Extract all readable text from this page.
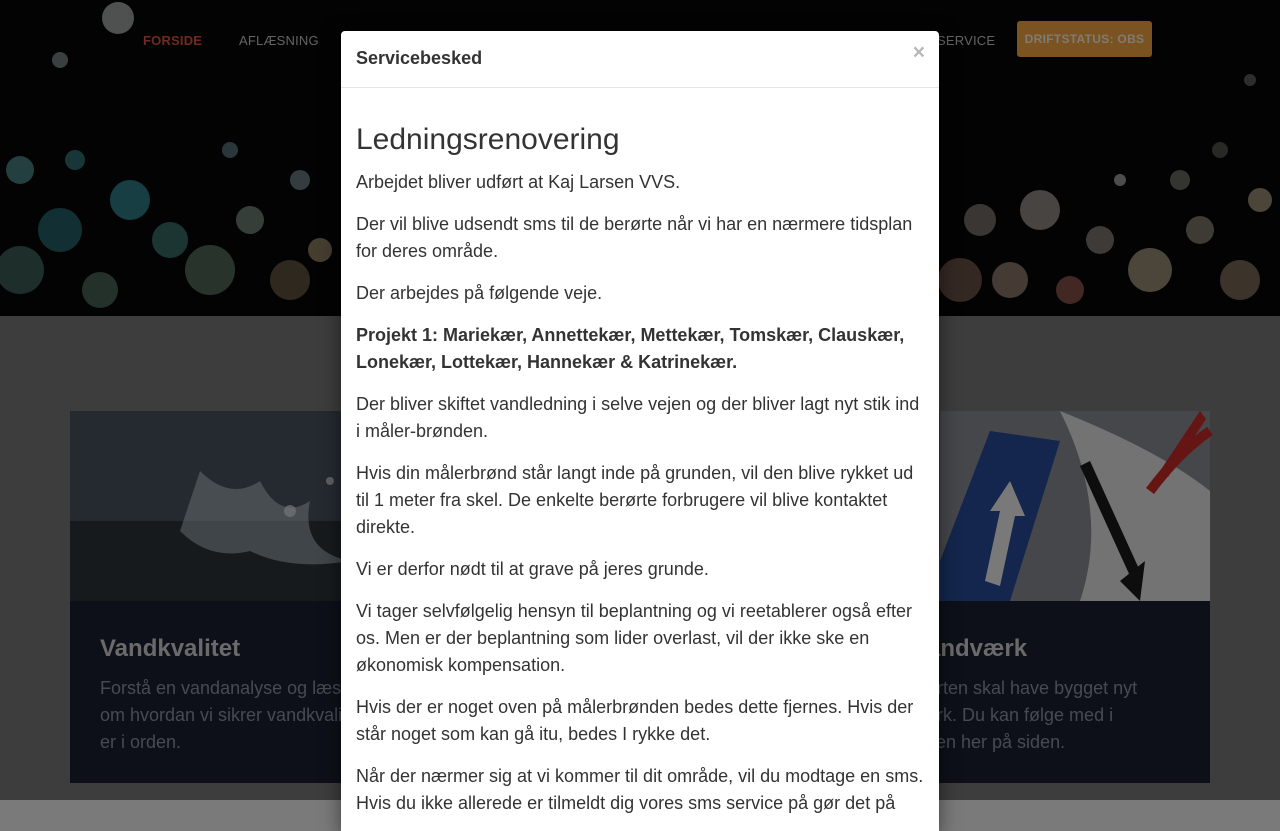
Servicebesked	×
Ledningsrenovering

Arbejdet bliver udført at Kaj Larsen VVS.

Der vil blive udsendt sms til de berørte når vi har en nærmere tidsplan for deres område.

Der arbejdes på følgende veje.

Projekt 1: Mariekær, Annettekær, Mettekær, Tomskær, Clauskær, Lonekær, Lottekær, Hannekær & Katrinekær.

Der bliver skiftet vandledning i selve vejen og der bliver lagt nyt stik ind i måler-brønden.

Hvis din målerbrønd står langt inde på grunden, vil den blive rykket ud til 1 meter fra skel. De enkelte berørte forbrugere vil blive kontaktet direkte.

Vi er derfor nødt til at grave på jeres grunde.

Vi tager selvfølgelig hensyn til beplantning og vi reetablerer også efter os. Men er der beplantning som lider overlast, vil der ikke ske en økonomisk kompensation.

Hvis der er noget oven på målerbrønden bedes dette fjernes. Hvis der står noget som kan gå itu, bedes I rykke det.

Når der nærmer sig at vi kommer til dit område, vil du modtage en sms. Hvis du ikke allerede er tilmeldt dig vores sms service på gør det på
